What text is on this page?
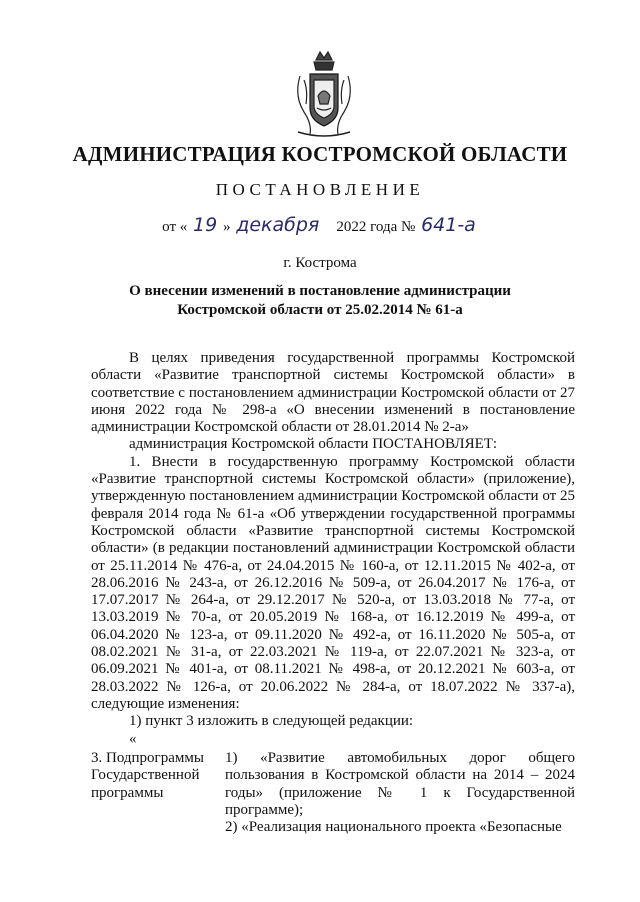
АДМИНИСТРАЦИЯ КОСТРОМСКОЙ ОБЛАСТИ
ПОСТАНОВЛЕНИЕ
от « 19 » декабря 2022 года № 641-а
г. Кострома
О внесении изменений в постановление администрации
Костромской области от 25.02.2014 № 61-а

В целях приведения государственной программы Костромской области «Развитие транспортной системы Костромской области» в соответствие с постановлением администрации Костромской области от 27 июня 2022 года № 298-а «О внесении изменений в постановление администрации Костромской области от 28.01.2014 № 2-а»

администрация Костромской области ПОСТАНОВЛЯЕТ:

1. Внести в государственную программу Костромской области «Развитие транспортной системы Костромской области» (приложение), утвержденную постановлением администрации Костромской области от 25 февраля 2014 года № 61-а «Об утверждении государственной программы Костромской области «Развитие транспортной системы Костромской области» (в редакции постановлений администрации Костромской области от 25.11.2014 № 476-а, от 24.04.2015 № 160-а, от 12.11.2015 № 402-а, от 28.06.2016 № 243-а, от 26.12.2016 № 509-а, от 26.04.2017 № 176-а, от 17.07.2017 № 264-а, от 29.12.2017 № 520-а, от 13.03.2018 № 77-а, от 13.03.2019 № 70-а, от 20.05.2019 № 168-а, от 16.12.2019 № 499-а, от 06.04.2020 № 123-а, от 09.11.2020 № 492-а, от 16.11.2020 № 505-а, от 08.02.2021 № 31-а, от 22.03.2021 № 119-а, от 22.07.2021 № 323-а, от 06.09.2021 № 401-а, от 08.11.2021 № 498-а, от 20.12.2021 № 603-а, от 28.03.2022 № 126-а, от 20.06.2022 № 284-а, от 18.07.2022 № 337-а), следующие изменения:

1) пункт 3 изложить в следующей редакции:

«

3. Подпрограммы Государственной программы

1) «Развитие автомобильных дорог общего пользования в Костромской области на 2014 – 2024 годы» (приложение № 1 к Государственной программе);

2) «Реализация национального проекта «Безопасные
